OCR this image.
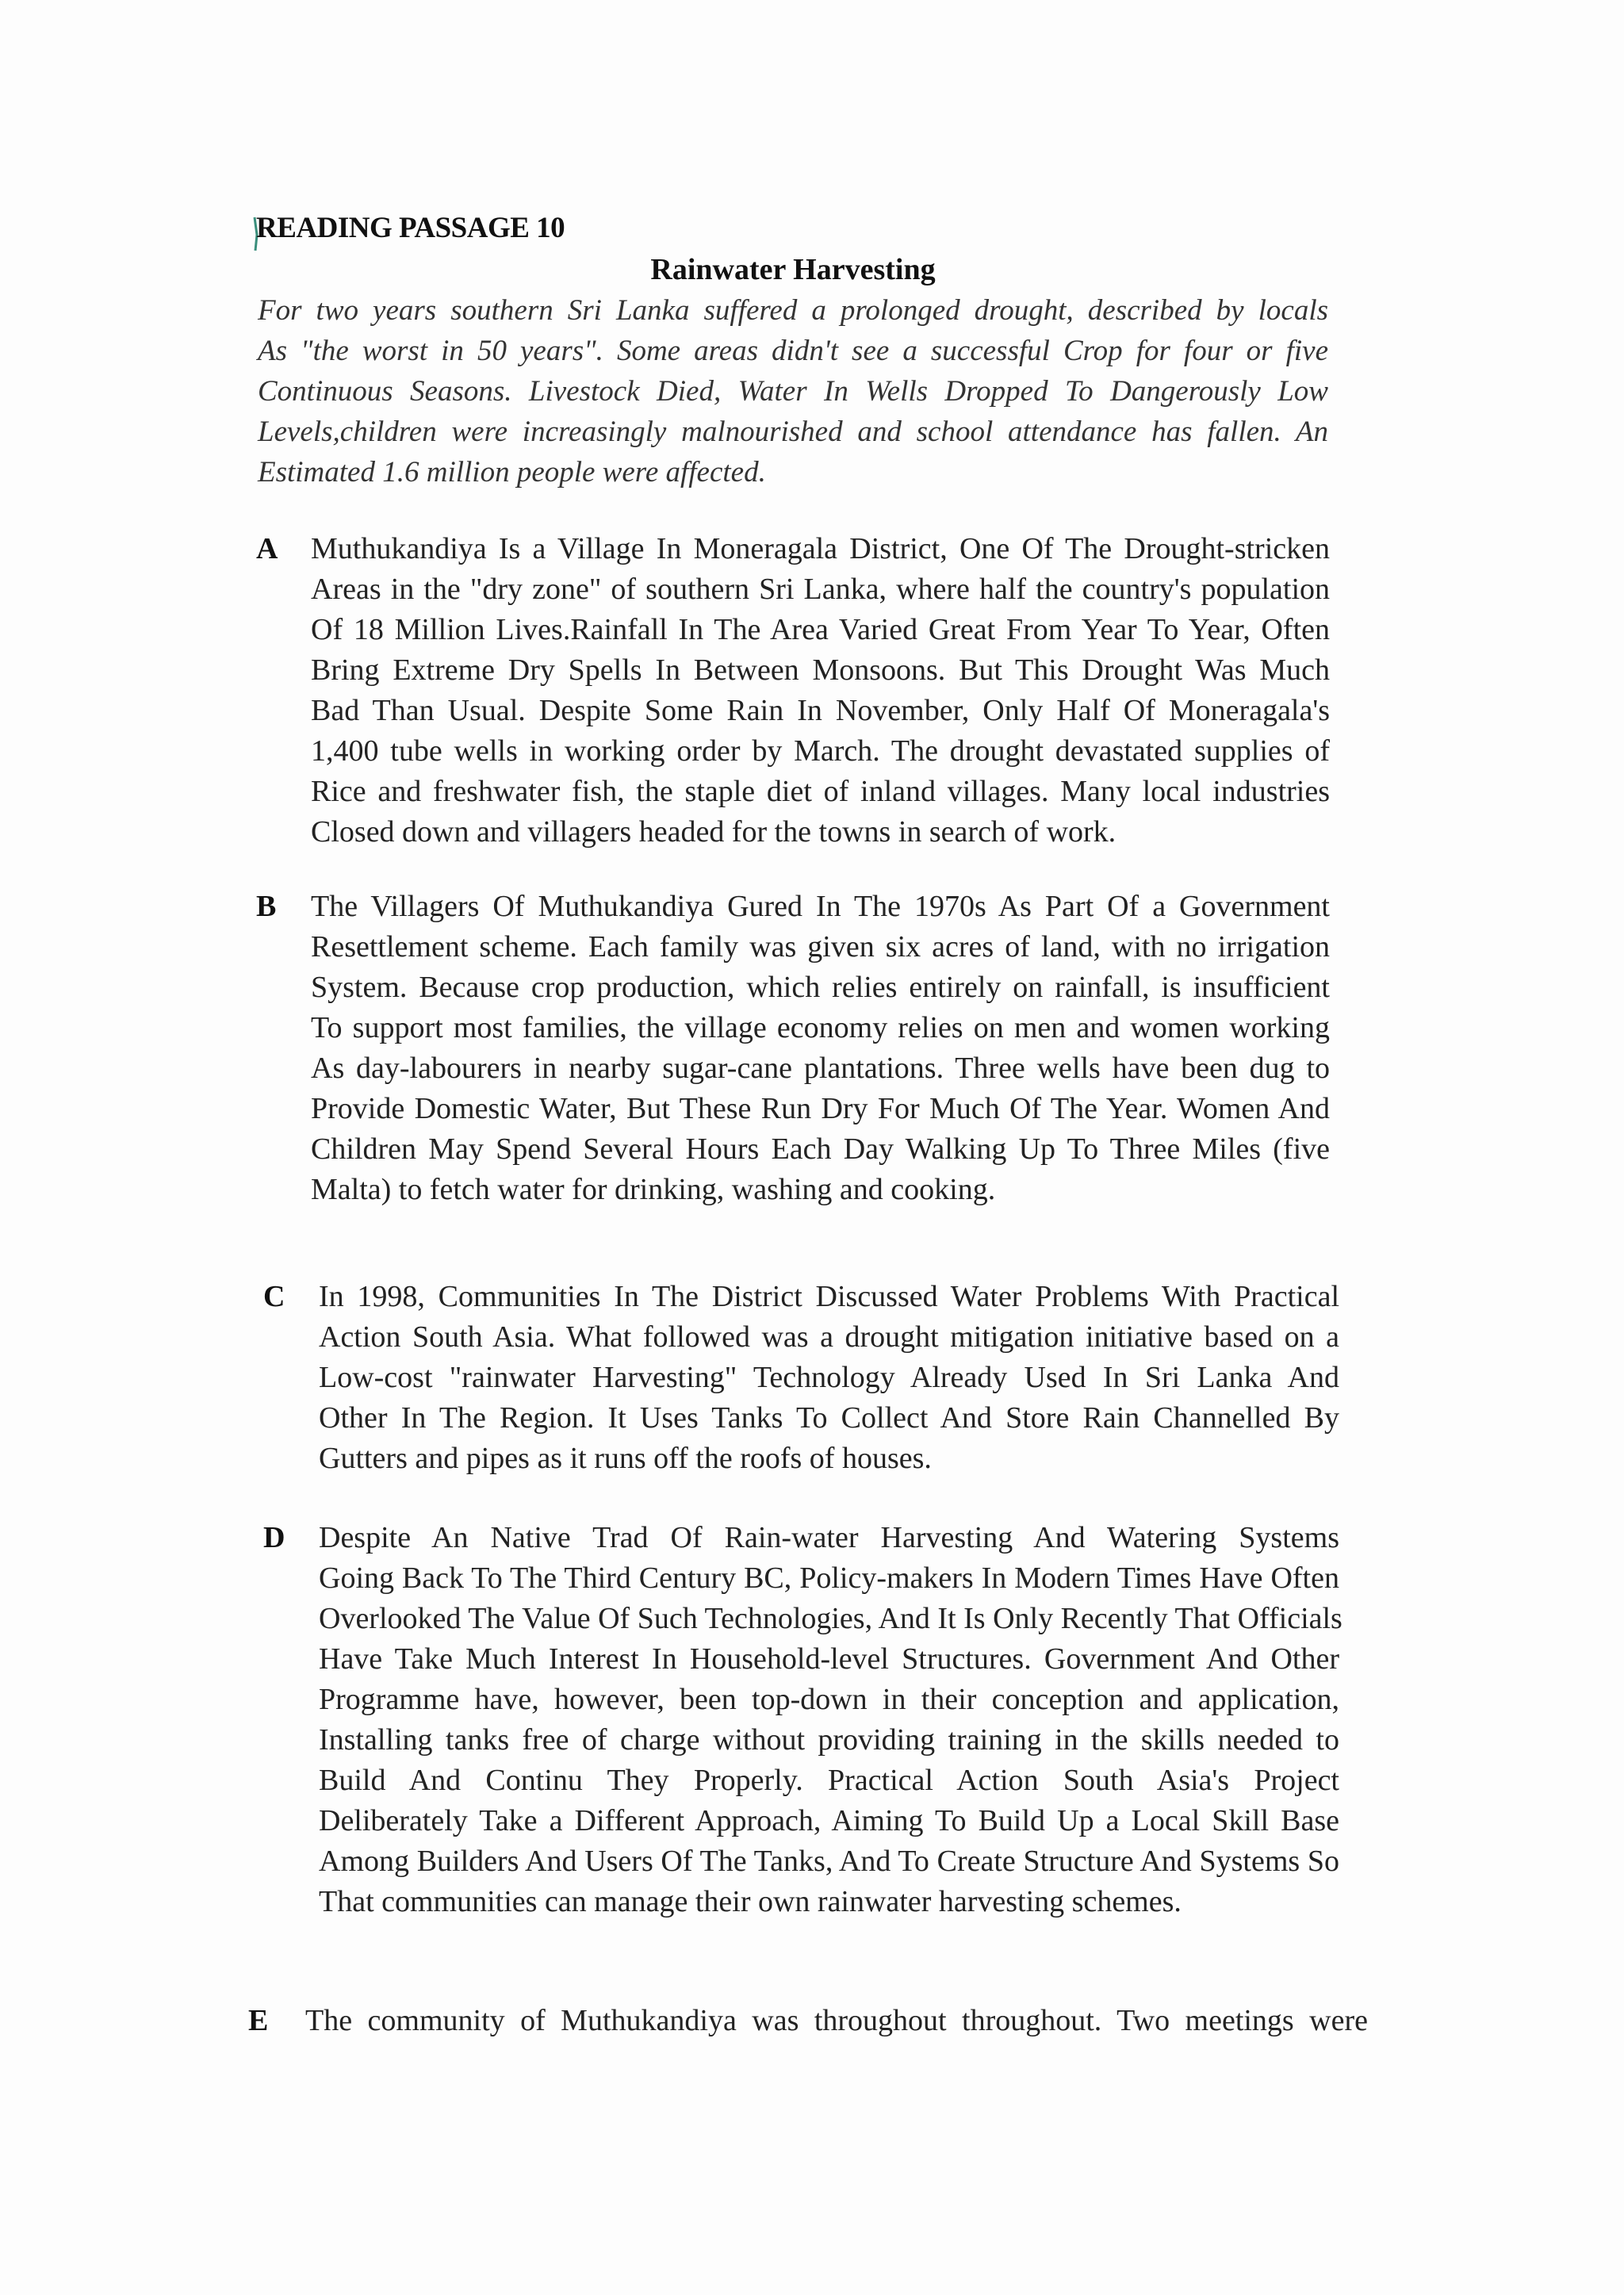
READING PASSAGE 10
Rainwater Harvesting
For two years southern Sri Lanka suffered a prolonged drought, described by locals
As "the worst in 50 years". Some areas didn't see a successful Crop for four or five
Continuous Seasons. Livestock Died, Water In Wells Dropped To Dangerously Low
Levels,children were increasingly malnourished and school attendance has fallen. An
Estimated 1.6 million people were affected.
A Muthukandiya Is a Village In Moneragala District, One Of The Drought-stricken
Areas in the "dry zone" of southern Sri Lanka, where half the country's population
Of 18 Million Lives.Rainfall In The Area Varied Great From Year To Year, Often
Bring Extreme Dry Spells In Between Monsoons. But This Drought Was Much
Bad Than Usual. Despite Some Rain In November, Only Half Of Moneragala's
1,400 tube wells in working order by March. The drought devastated supplies of
Rice and freshwater fish, the staple diet of inland villages. Many local industries
Closed down and villagers headed for the towns in search of work.
B The Villagers Of Muthukandiya Gured In The 1970s As Part Of a Government
Resettlement scheme. Each family was given six acres of land, with no irrigation
System. Because crop production, which relies entirely on rainfall, is insufficient
To support most families, the village economy relies on men and women working
As day-labourers in nearby sugar-cane plantations. Three wells have been dug to
Provide Domestic Water, But These Run Dry For Much Of The Year. Women And
Children May Spend Several Hours Each Day Walking Up To Three Miles (five
Malta) to fetch water for drinking, washing and cooking.
C In 1998, Communities In The District Discussed Water Problems With Practical
Action South Asia. What followed was a drought mitigation initiative based on a
Low-cost "rainwater Harvesting" Technology Already Used In Sri Lanka And
Other In The Region. It Uses Tanks To Collect And Store Rain Channelled By
Gutters and pipes as it runs off the roofs of houses.
D Despite An Native Trad Of Rain-water Harvesting And Watering Systems
Going Back To The Third Century BC, Policy-makers In Modern Times Have Often
Overlooked The Value Of Such Technologies, And It Is Only Recently That Officials
Have Take Much Interest In Household-level Structures. Government And Other
Programme have, however, been top-down in their conception and application,
Installing tanks free of charge without providing training in the skills needed to
Build And Continu They Properly. Practical Action South Asia's Project
Deliberately Take a Different Approach, Aiming To Build Up a Local Skill Base
Among Builders And Users Of The Tanks, And To Create Structure And Systems So
That communities can manage their own rainwater harvesting schemes.
E The community of Muthukandiya was throughout throughout. Two meetings were
